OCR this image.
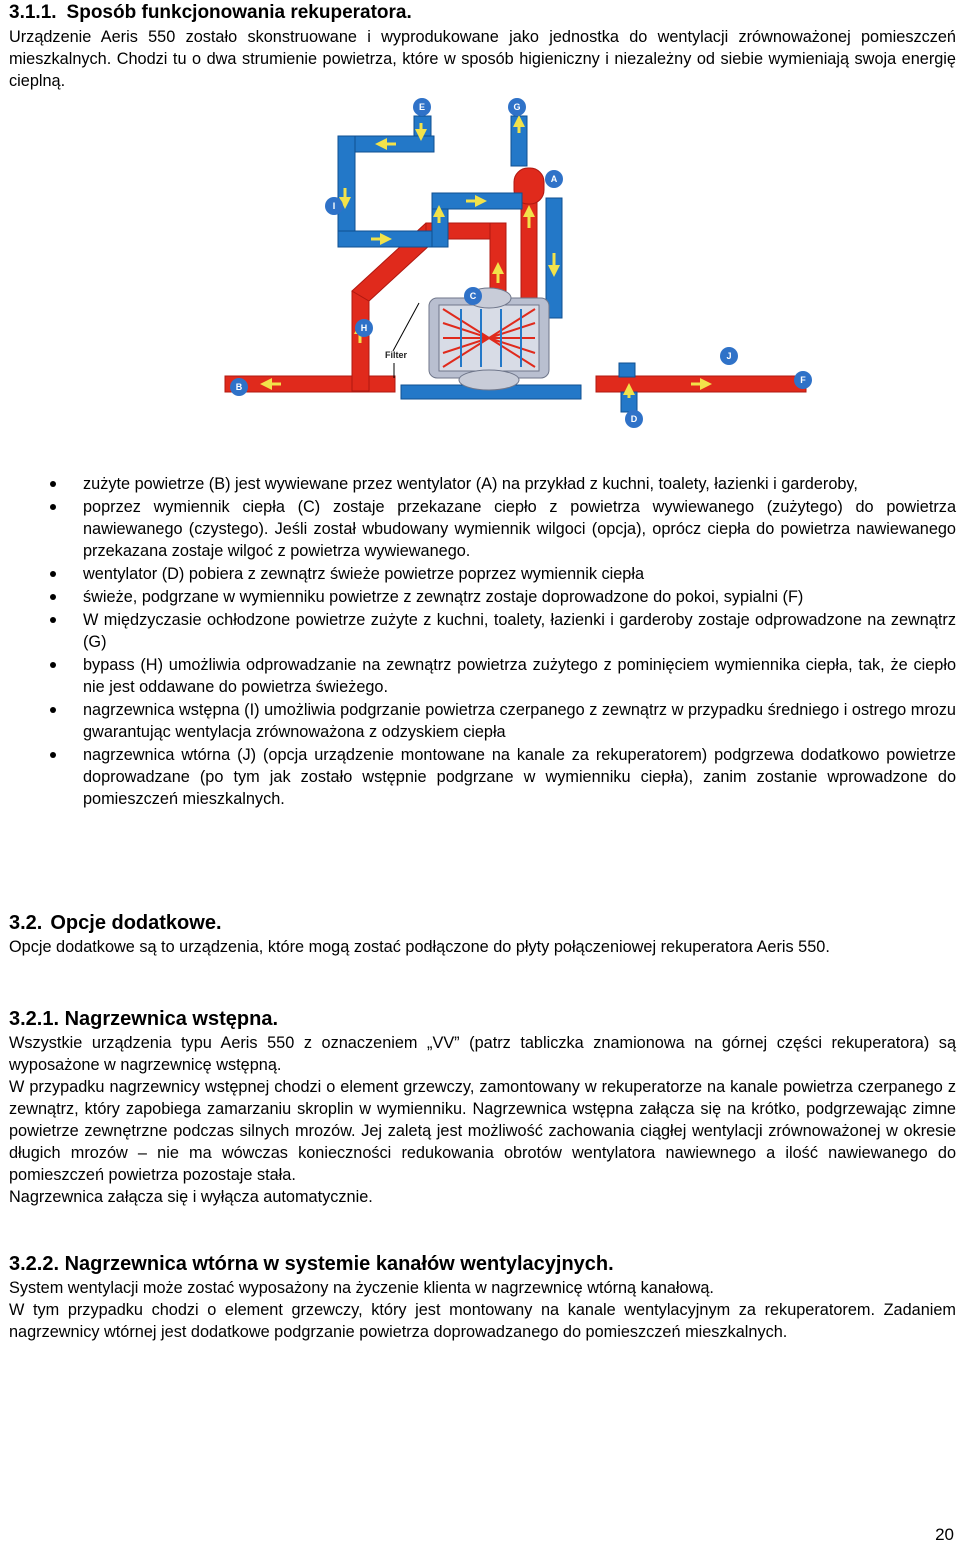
3.1.1. Sposób funkcjonowania rekuperatora.
Urządzenie Aeris 550 zostało skonstruowane i wyprodukowane jako jednostka do wentylacji zrównoważonej pomieszczeń mieszkalnych. Chodzi tu o dwa strumienie powietrza, które w sposób higieniczny i niezależny od siebie wymieniają swoja energię cieplną.
Filter
E	G
A
I
C
H
J
F
B
D
zużyte powietrze (B) jest wywiewane przez wentylator (A) na przykład z kuchni, toalety, łazienki i garderoby,
poprzez wymiennik ciepła (C) zostaje przekazane ciepło z powietrza wywiewanego (zużytego) do powietrza nawiewanego (czystego). Jeśli został wbudowany wymiennik wilgoci (opcja), oprócz ciepła do powietrza nawiewanego przekazana zostaje wilgoć z powietrza wywiewanego.
wentylator (D) pobiera z zewnątrz świeże powietrze poprzez wymiennik ciepła
świeże, podgrzane w wymienniku powietrze z zewnątrz zostaje doprowadzone do pokoi, sypialni (F)
W międzyczasie ochłodzone powietrze zużyte z kuchni, toalety, łazienki i garderoby zostaje odprowadzone na zewnątrz (G)
bypass (H) umożliwia odprowadzanie na zewnątrz powietrza zużytego z pominięciem wymiennika ciepła, tak, że ciepło nie jest oddawane do powietrza świeżego.
nagrzewnica wstępna (I) umożliwia podgrzanie powietrza czerpanego z zewnątrz w przypadku średniego i ostrego mrozu gwarantując wentylacja zrównoważona z odzyskiem ciepła
nagrzewnica wtórna (J) (opcja urządzenie montowane na kanale za rekuperatorem) podgrzewa dodatkowo powietrze doprowadzane (po tym jak zostało wstępnie podgrzane w wymienniku ciepła), zanim zostanie wprowadzone do pomieszczeń mieszkalnych.
3.2. Opcje dodatkowe.
Opcje dodatkowe są to urządzenia, które mogą zostać podłączone do płyty połączeniowej rekuperatora Aeris 550.
3.2.1. Nagrzewnica wstępna.
Wszystkie urządzenia typu Aeris 550 z oznaczeniem „VV” (patrz tabliczka znamionowa na górnej części rekuperatora) są wyposażone w nagrzewnicę wstępną.
W przypadku nagrzewnicy wstępnej chodzi o element grzewczy, zamontowany w rekuperatorze na kanale powietrza czerpanego z zewnątrz, który zapobiega zamarzaniu skroplin w wymienniku. Nagrzewnica wstępna załącza się na krótko, podgrzewając zimne powietrze zewnętrzne podczas silnych mrozów. Jej zaletą jest możliwość zachowania ciągłej wentylacji zrównoważonej w okresie długich mrozów – nie ma wówczas konieczności redukowania obrotów wentylatora nawiewnego a ilość nawiewanego do pomieszczeń powietrza pozostaje stała.
Nagrzewnica załącza się i wyłącza automatycznie.
3.2.2. Nagrzewnica wtórna w systemie kanałów wentylacyjnych.
System wentylacji może zostać wyposażony na życzenie klienta w nagrzewnicę wtórną kanałową.
W tym przypadku chodzi o element grzewczy, który jest montowany na kanale wentylacyjnym za rekuperatorem. Zadaniem nagrzewnicy wtórnej jest dodatkowe podgrzanie powietrza doprowadzanego do pomieszczeń mieszkalnych.
20
